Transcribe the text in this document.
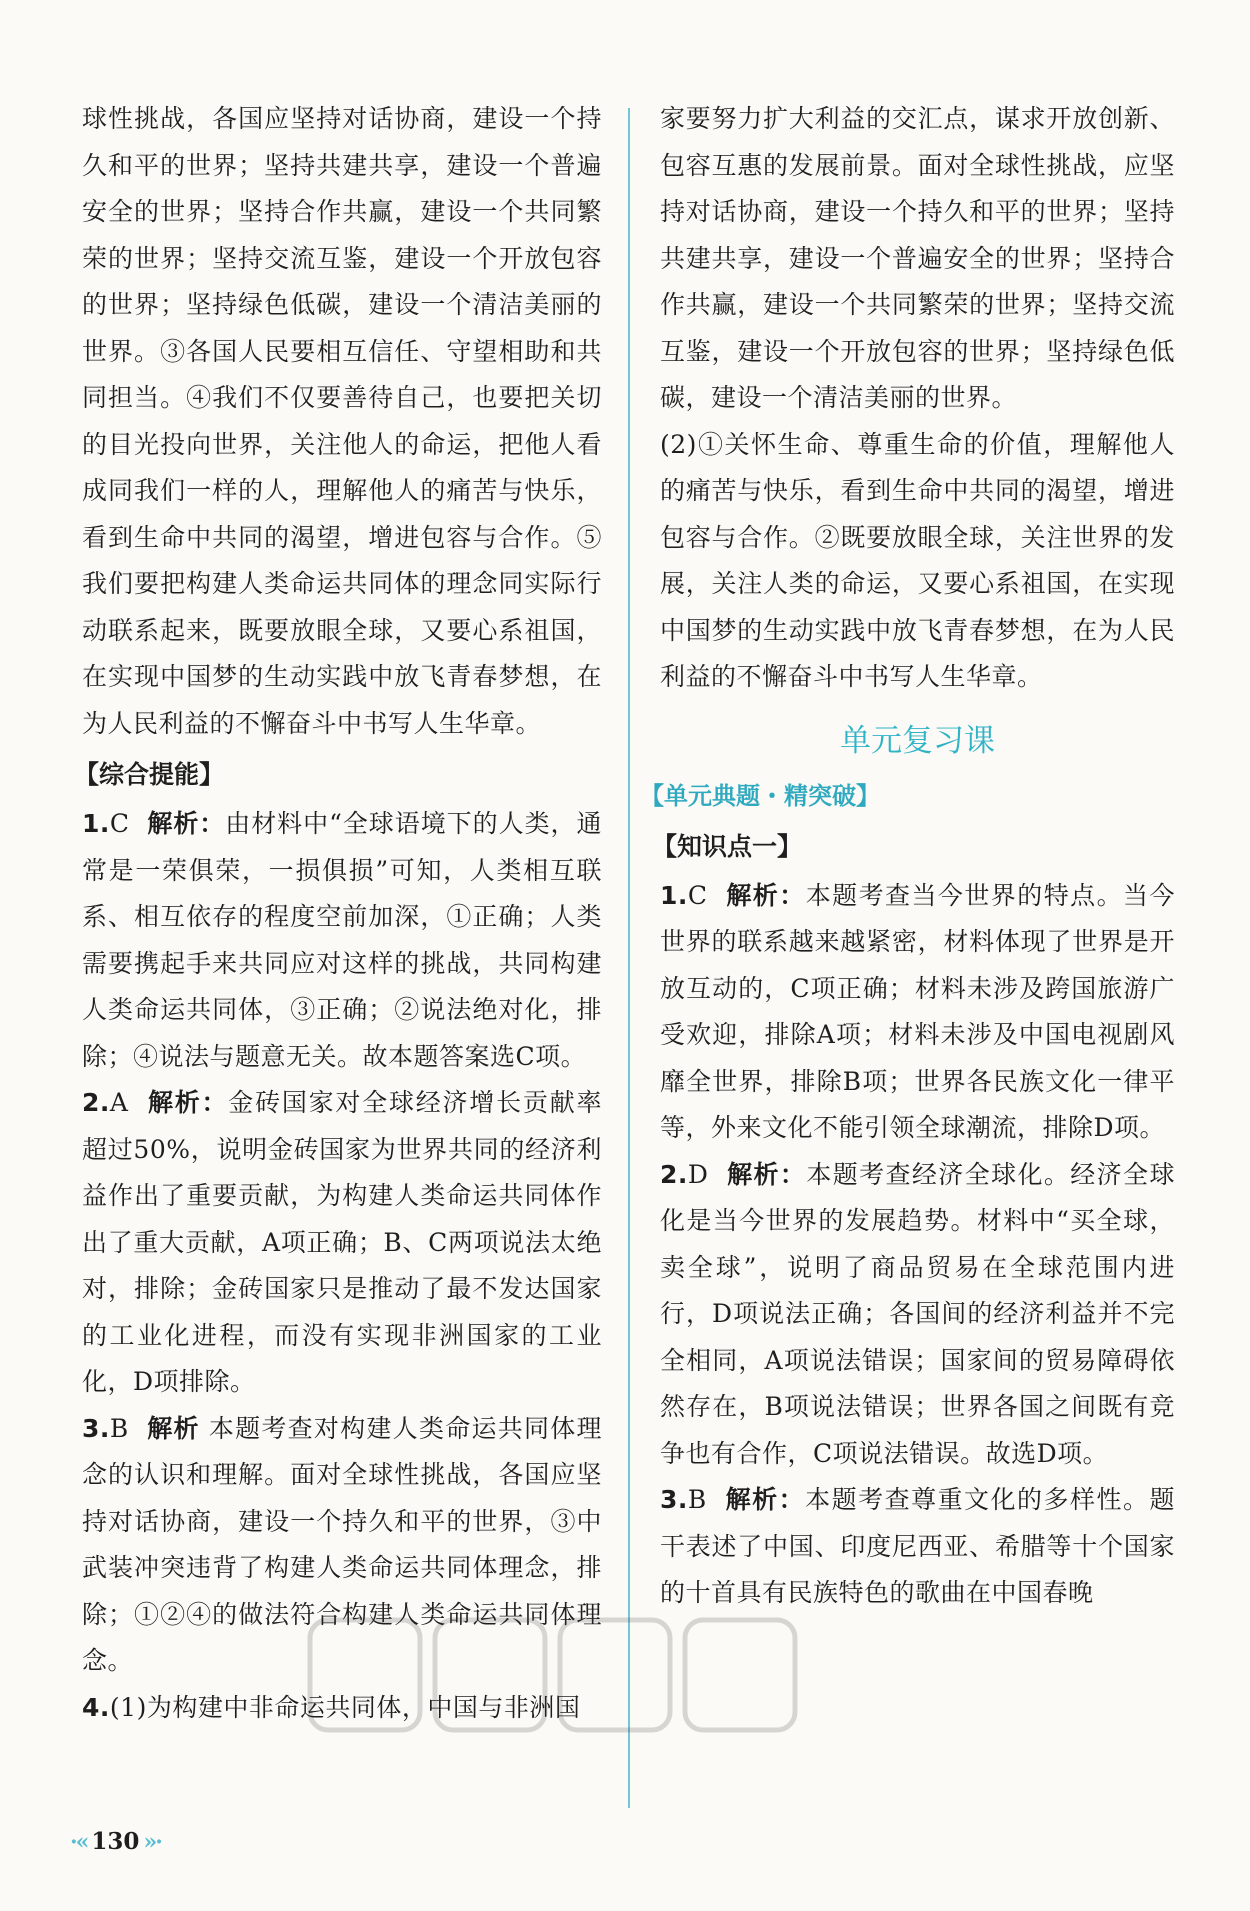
球性挑战，各国应坚持对话协商，建设一个持久和平的世界；坚持共建共享，建设一个普遍安全的世界；坚持合作共赢，建设一个共同繁荣的世界；坚持交流互鉴，建设一个开放包容的世界；坚持绿色低碳，建设一个清洁美丽的世界。③各国人民要相互信任、守望相助和共同担当。④我们不仅要善待自己，也要把关切的目光投向世界，关注他人的命运，把他人看成同我们一样的人，理解他人的痛苦与快乐，看到生命中共同的渴望，增进包容与合作。⑤我们要把构建人类命运共同体的理念同实际行动联系起来，既要放眼全球，又要心系祖国，在实现中国梦的生动实践中放飞青春梦想，在为人民利益的不懈奋斗中书写人生华章。

【综合提能】

1.C 解析：由材料中“全球语境下的人类，通常是一荣俱荣，一损俱损”可知，人类相互联系、相互依存的程度空前加深，①正确；人类需要携起手来共同应对这样的挑战，共同构建人类命运共同体，③正确；②说法绝对化，排除；④说法与题意无关。故本题答案选C项。

2.A 解析：金砖国家对全球经济增长贡献率超过50%，说明金砖国家为世界共同的经济利益作出了重要贡献，为构建人类命运共同体作出了重大贡献，A项正确；B、C两项说法太绝对，排除；金砖国家只是推动了最不发达国家的工业化进程，而没有实现非洲国家的工业化，D项排除。

3.B 解析 本题考查对构建人类命运共同体理念的认识和理解。面对全球性挑战，各国应坚持对话协商，建设一个持久和平的世界，③中武装冲突违背了构建人类命运共同体理念，排除；①②④的做法符合构建人类命运共同体理念。

4.(1)为构建中非命运共同体，中国与非洲国

家要努力扩大利益的交汇点，谋求开放创新、包容互惠的发展前景。面对全球性挑战，应坚持对话协商，建设一个持久和平的世界；坚持共建共享，建设一个普遍安全的世界；坚持合作共赢，建设一个共同繁荣的世界；坚持交流互鉴，建设一个开放包容的世界；坚持绿色低碳，建设一个清洁美丽的世界。

(2)①关怀生命、尊重生命的价值，理解他人的痛苦与快乐，看到生命中共同的渴望，增进包容与合作。②既要放眼全球，关注世界的发展，关注人类的命运，又要心系祖国，在实现中国梦的生动实践中放飞青春梦想，在为人民利益的不懈奋斗中书写人生华章。

单元复习课
【单元典题・精突破】
【知识点一】

1.C 解析：本题考查当今世界的特点。当今世界的联系越来越紧密，材料体现了世界是开放互动的，C项正确；材料未涉及跨国旅游广受欢迎，排除A项；材料未涉及中国电视剧风靡全世界，排除B项；世界各民族文化一律平等，外来文化不能引领全球潮流，排除D项。

2.D 解析：本题考查经济全球化。经济全球化是当今世界的发展趋势。材料中“买全球，卖全球”，说明了商品贸易在全球范围内进行，D项说法正确；各国间的经济利益并不完全相同，A项说法错误；国家间的贸易障碍依然存在，B项说法错误；世界各国之间既有竞争也有合作，C项说法错误。故选D项。

3.B 解析：本题考查尊重文化的多样性。题干表述了中国、印度尼西亚、希腊等十个国家的十首具有民族特色的歌曲在中国春晚

·« 130 »·
